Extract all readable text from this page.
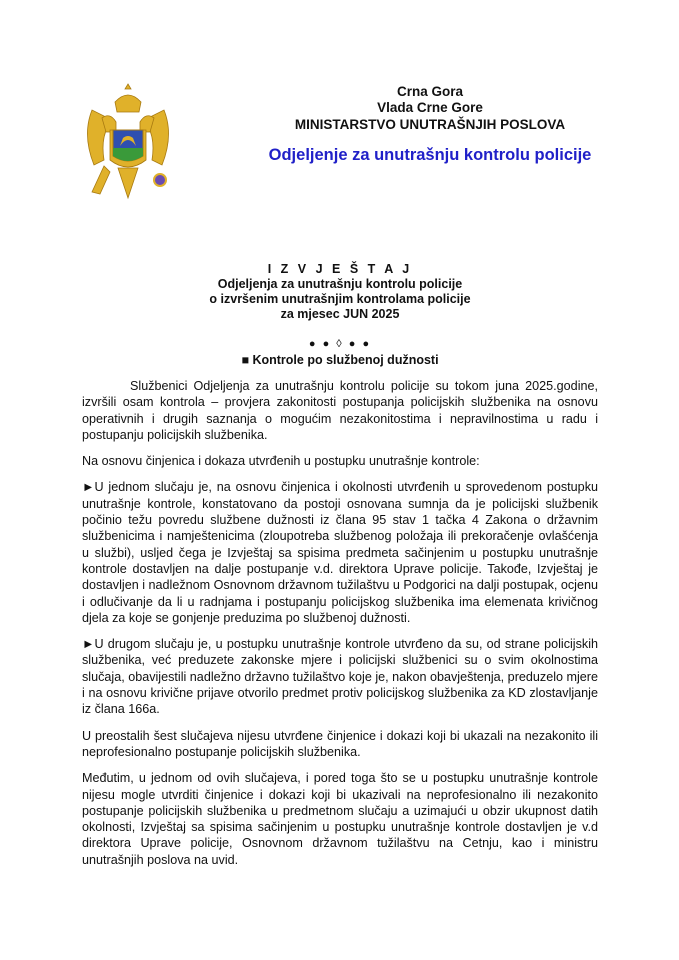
Crna Gora
Vlada Crne Gore
MINISTARSTVO UNUTRAŠNJIH POSLOVA
Odjeljenje za unutrašnju kontrolu policije
I Z V J E Š T A J
Odjeljenja za unutrašnju kontrolu policije
o izvršenim unutrašnjim kontrolama policije
za mjesec JUN 2025
● ● ◊ ● ●
■ Kontrole po službenoj dužnosti

Službenici Odjeljenja za unutrašnju kontrolu policije su tokom juna 2025.godine, izvršili osam kontrola – provjera zakonitosti postupanja policijskih službenika na osnovu operativnih i drugih saznanja o mogućim nezakonitostima i nepravilnostima u radu i postupanju policijskih službenika.

Na osnovu činjenica i dokaza utvrđenih u postupku unutrašnje kontrole:

►U jednom slučaju je, na osnovu činjenica i okolnosti utvrđenih u sprovedenom postupku unutrašnje kontrole, konstatovano da postoji osnovana sumnja da je policijski službenik počinio težu povredu službene dužnosti iz člana 95 stav 1 tačka 4 Zakona o državnim službenicima i namještenicima (zloupotreba službenog položaja ili prekoračenje ovlašćenja u službi), usljed čega je Izvještaj sa spisima predmeta sačinjenim u postupku unutrašnje kontrole dostavljen na dalje postupanje v.d. direktora Uprave policije. Takođe, Izvještaj je dostavljen i nadležnom Osnovnom državnom tužilaštvu u Podgorici na dalji postupak, ocjenu i odlučivanje da li u radnjama i postupanju policijskog službenika ima elemenata krivičnog djela za koje se gonjenje preduzima po službenoj dužnosti.

►U drugom slučaju je, u postupku unutrašnje kontrole utvrđeno da su, od strane policijskih službenika, već preduzete zakonske mjere i policijski službenici su o svim okolnostima slučaja, obavijestili nadležno državno tužilaštvo koje je, nakon obavještenja, preduzelo mjere i na osnovu krivične prijave otvorilo predmet protiv policijskog službenika za KD zlostavljanje iz člana 166a.

U preostalih šest slučajeva nijesu utvrđene činjenice i dokazi koji bi ukazali na nezakonito ili neprofesionalno postupanje policijskih službenika.

Međutim, u jednom od ovih slučajeva, i pored toga što se u postupku unutrašnje kontrole nijesu mogle utvrditi činjenice i dokazi koji bi ukazivali na neprofesionalno ili nezakonito postupanje policijskih službenika u predmetnom slučaju a uzimajući u obzir ukupnost datih okolnosti, Izvještaj sa spisima sačinjenim u postupku unutrašnje kontrole dostavljen je v.d direktora Uprave policije, Osnovnom državnom tužilaštvu na Cetnju, kao i ministru unutrašnjih poslova na uvid.
